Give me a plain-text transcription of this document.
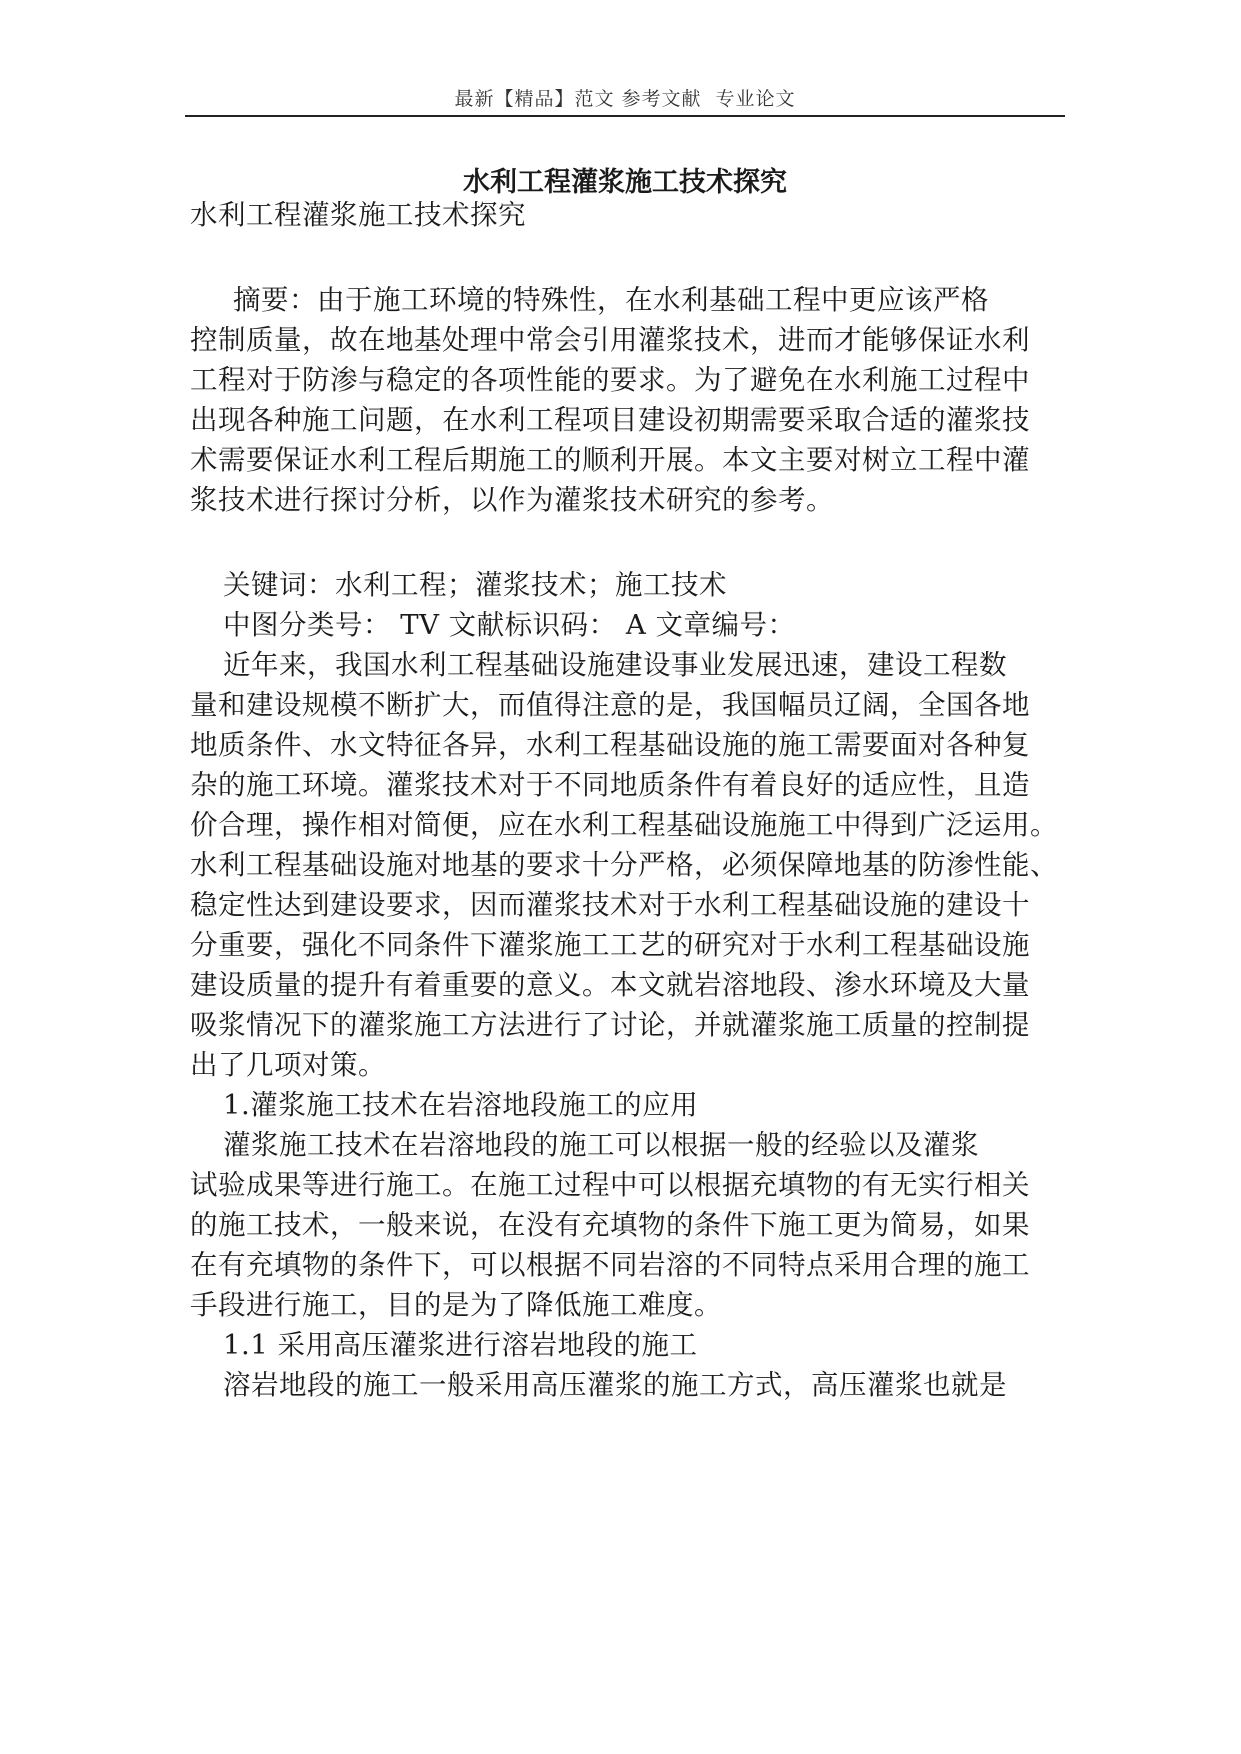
最新【精品】范文 参考文献  专业论文
水利工程灌浆施工技术探究
水利工程灌浆施工技术探究
摘要：由于施工环境的特殊性，在水利基础工程中更应该严格
控制质量，故在地基处理中常会引用灌浆技术，进而才能够保证水利
工程对于防渗与稳定的各项性能的要求。为了避免在水利施工过程中
出现各种施工问题，在水利工程项目建设初期需要采取合适的灌浆技
术需要保证水利工程后期施工的顺利开展。本文主要对树立工程中灌
浆技术进行探讨分析，以作为灌浆技术研究的参考。
关键词：水利工程；灌浆技术；施工技术
中图分类号： TV 文献标识码： A 文章编号：
近年来，我国水利工程基础设施建设事业发展迅速，建设工程数
量和建设规模不断扩大，而值得注意的是，我国幅员辽阔，全国各地
地质条件、水文特征各异，水利工程基础设施的施工需要面对各种复
杂的施工环境。灌浆技术对于不同地质条件有着良好的适应性，且造
价合理，操作相对简便，应在水利工程基础设施施工中得到广泛运用。
水利工程基础设施对地基的要求十分严格，必须保障地基的防渗性能、
稳定性达到建设要求，因而灌浆技术对于水利工程基础设施的建设十
分重要，强化不同条件下灌浆施工工艺的研究对于水利工程基础设施
建设质量的提升有着重要的意义。本文就岩溶地段、渗水环境及大量
吸浆情况下的灌浆施工方法进行了讨论，并就灌浆施工质量的控制提
出了几项对策。
1.灌浆施工技术在岩溶地段施工的应用
灌浆施工技术在岩溶地段的施工可以根据一般的经验以及灌浆
试验成果等进行施工。在施工过程中可以根据充填物的有无实行相关
的施工技术，一般来说，在没有充填物的条件下施工更为简易，如果
在有充填物的条件下，可以根据不同岩溶的不同特点采用合理的施工
手段进行施工，目的是为了降低施工难度。
1.1 采用高压灌浆进行溶岩地段的施工
溶岩地段的施工一般采用高压灌浆的施工方式，高压灌浆也就是
